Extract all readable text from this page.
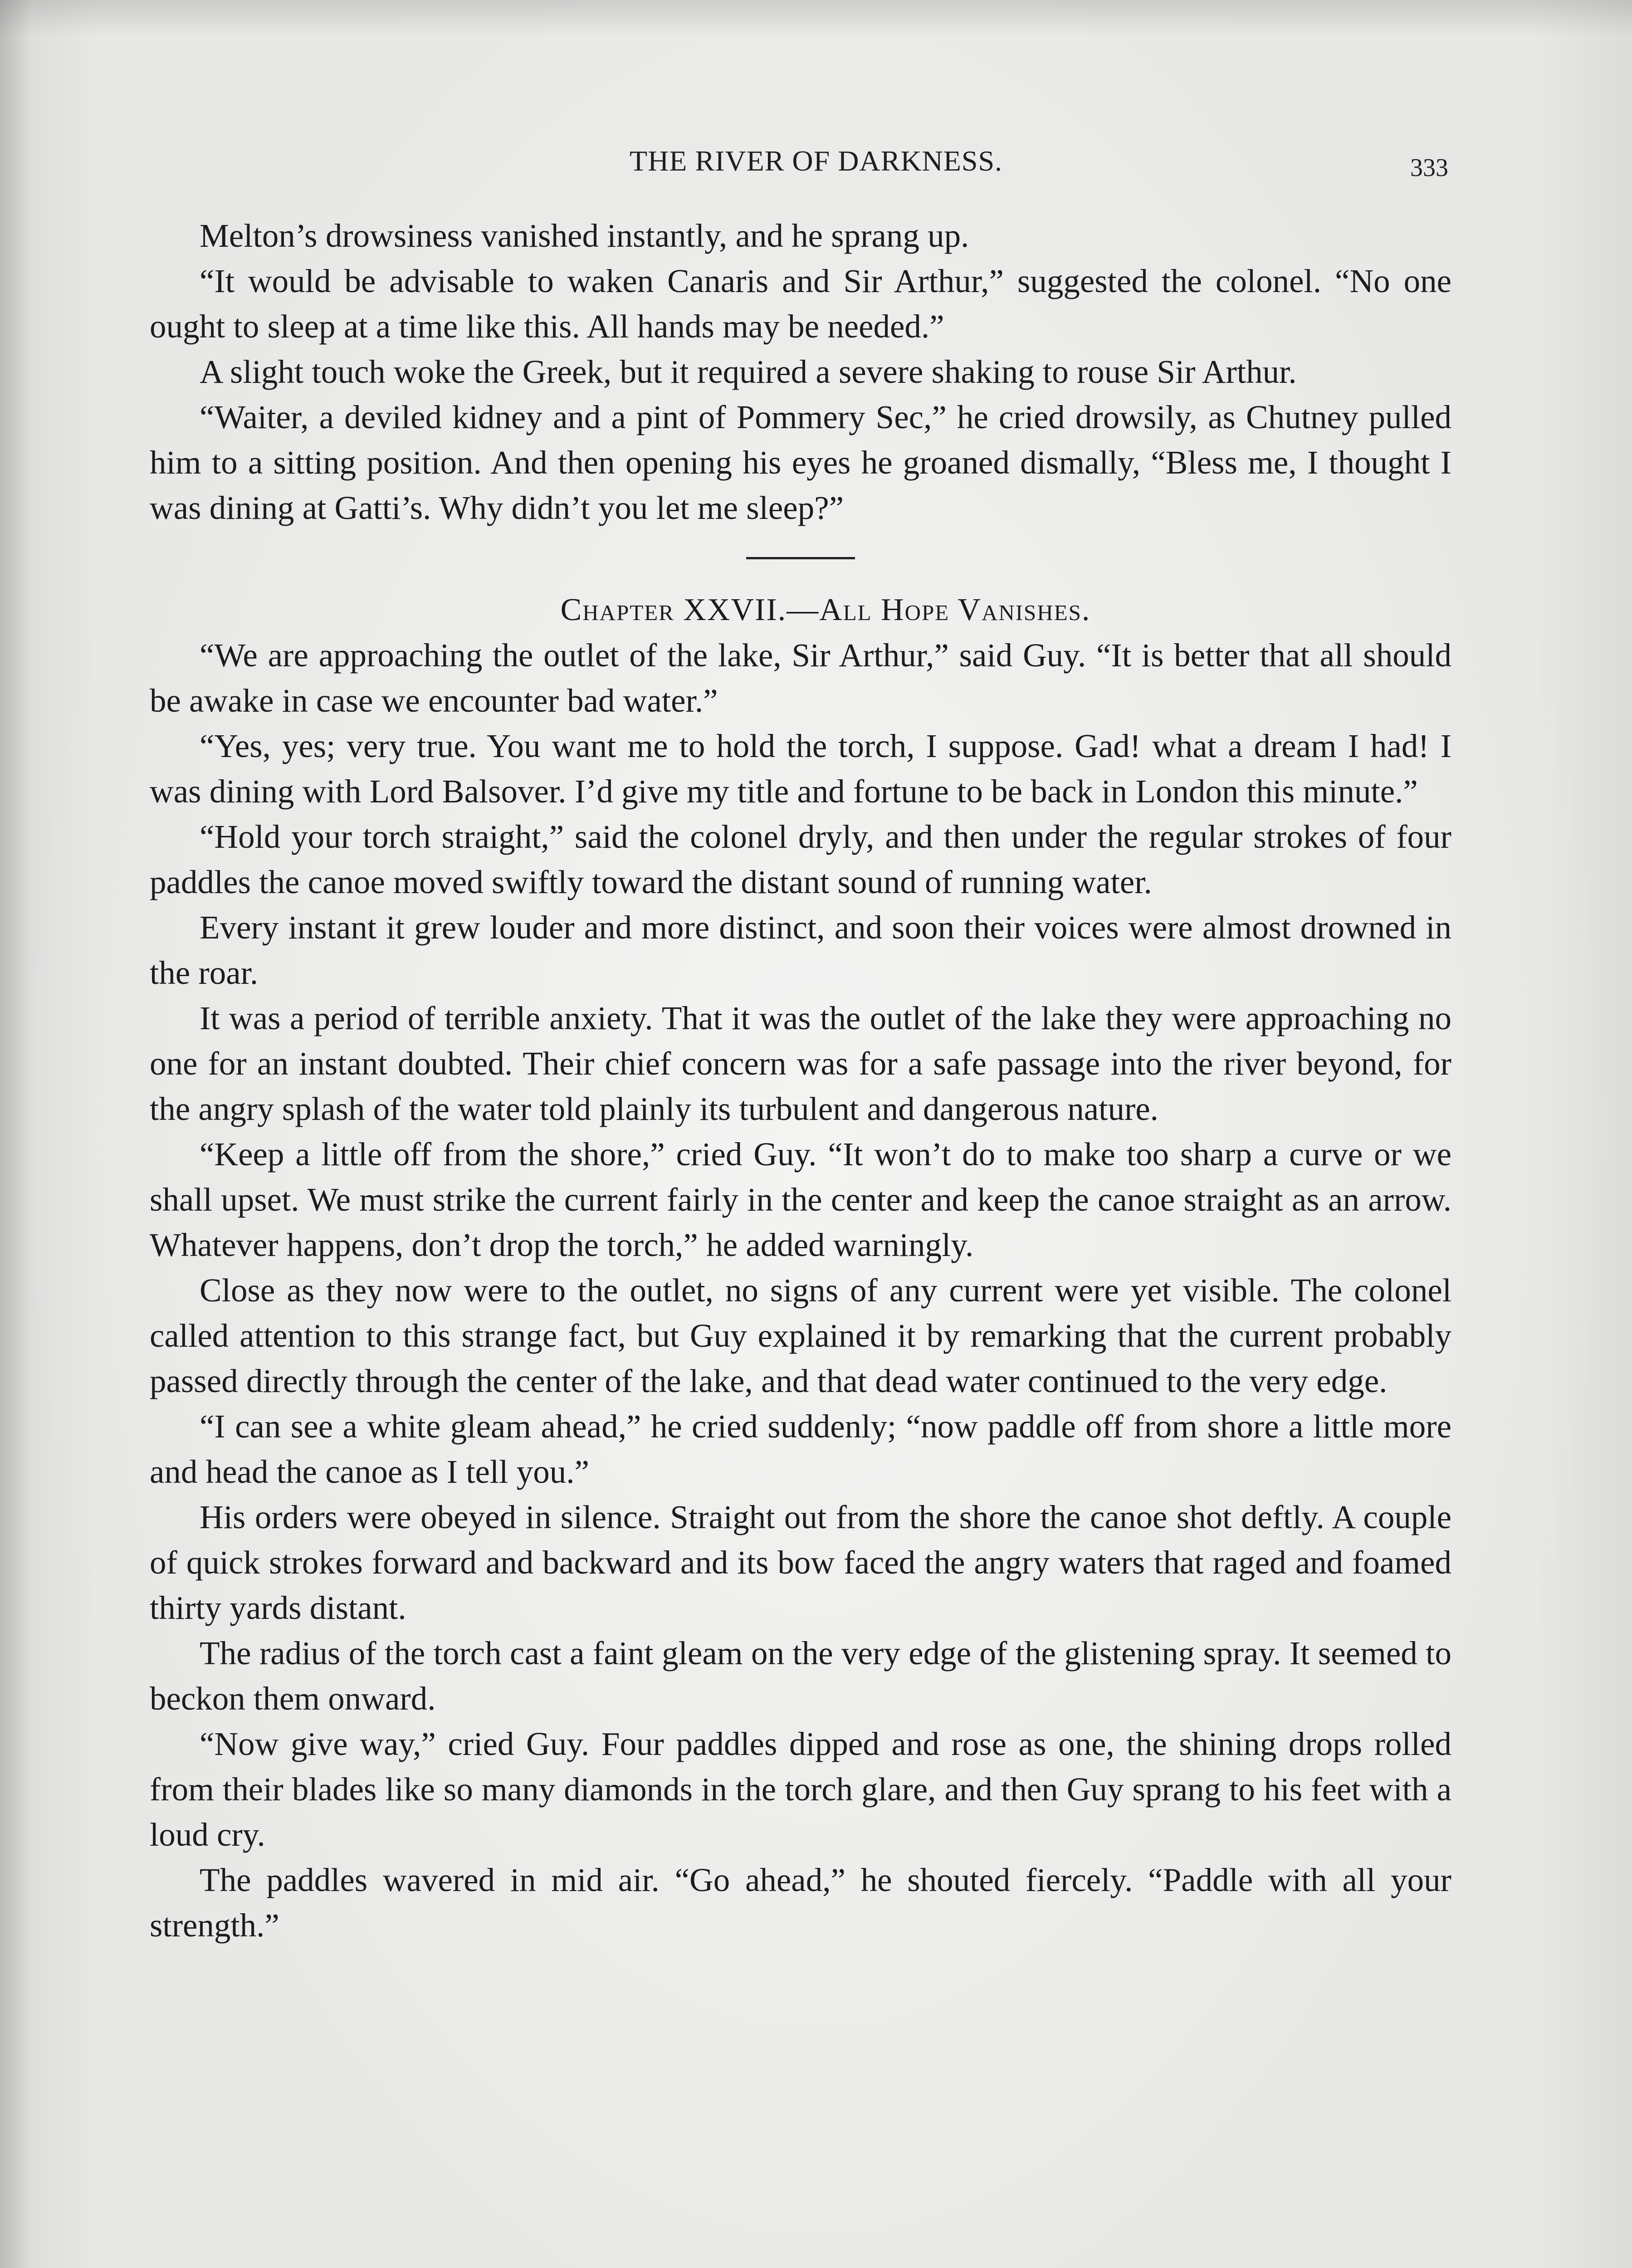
THE RIVER OF DARKNESS.	333

Melton’s drowsiness vanished instantly, and he sprang up.

“It would be advisable to waken Canaris and Sir Arthur,” suggested the colonel. “No one ought to sleep at a time like this. All hands may be needed.”

A slight touch woke the Greek, but it required a severe shaking to rouse Sir Arthur.

“Waiter, a deviled kidney and a pint of Pommery Sec,” he cried drowsily, as Chutney pulled him to a sitting position. And then opening his eyes he groaned dismally, “Bless me, I thought I was dining at Gatti’s. Why didn’t you let me sleep?”

Chapter XXVII.—All Hope Vanishes.

“We are approaching the outlet of the lake, Sir Arthur,” said Guy. “It is better that all should be awake in case we encounter bad water.”

“Yes, yes; very true. You want me to hold the torch, I suppose. Gad! what a dream I had! I was dining with Lord Balsover. I’d give my title and fortune to be back in London this minute.”

“Hold your torch straight,” said the colonel dryly, and then under the regular strokes of four paddles the canoe moved swiftly toward the distant sound of running water.

Every instant it grew louder and more distinct, and soon their voices were almost drowned in the roar.

It was a period of terrible anxiety. That it was the outlet of the lake they were approaching no one for an instant doubted. Their chief concern was for a safe passage into the river beyond, for the angry splash of the water told plainly its turbulent and dangerous nature.

“Keep a little off from the shore,” cried Guy. “It won’t do to make too sharp a curve or we shall upset. We must strike the current fairly in the center and keep the canoe straight as an arrow. Whatever happens, don’t drop the torch,” he added warningly.

Close as they now were to the outlet, no signs of any current were yet visible. The colonel called attention to this strange fact, but Guy explained it by remarking that the current probably passed directly through the center of the lake, and that dead water continued to the very edge.

“I can see a white gleam ahead,” he cried suddenly; “now paddle off from shore a little more and head the canoe as I tell you.”

His orders were obeyed in silence. Straight out from the shore the canoe shot deftly. A couple of quick strokes forward and backward and its bow faced the angry waters that raged and foamed thirty yards distant.

The radius of the torch cast a faint gleam on the very edge of the glistening spray. It seemed to beckon them onward.

“Now give way,” cried Guy. Four paddles dipped and rose as one, the shining drops rolled from their blades like so many diamonds in the torch glare, and then Guy sprang to his feet with a loud cry.

The paddles wavered in mid air. “Go ahead,” he shouted fiercely. “Paddle with all your strength.”
